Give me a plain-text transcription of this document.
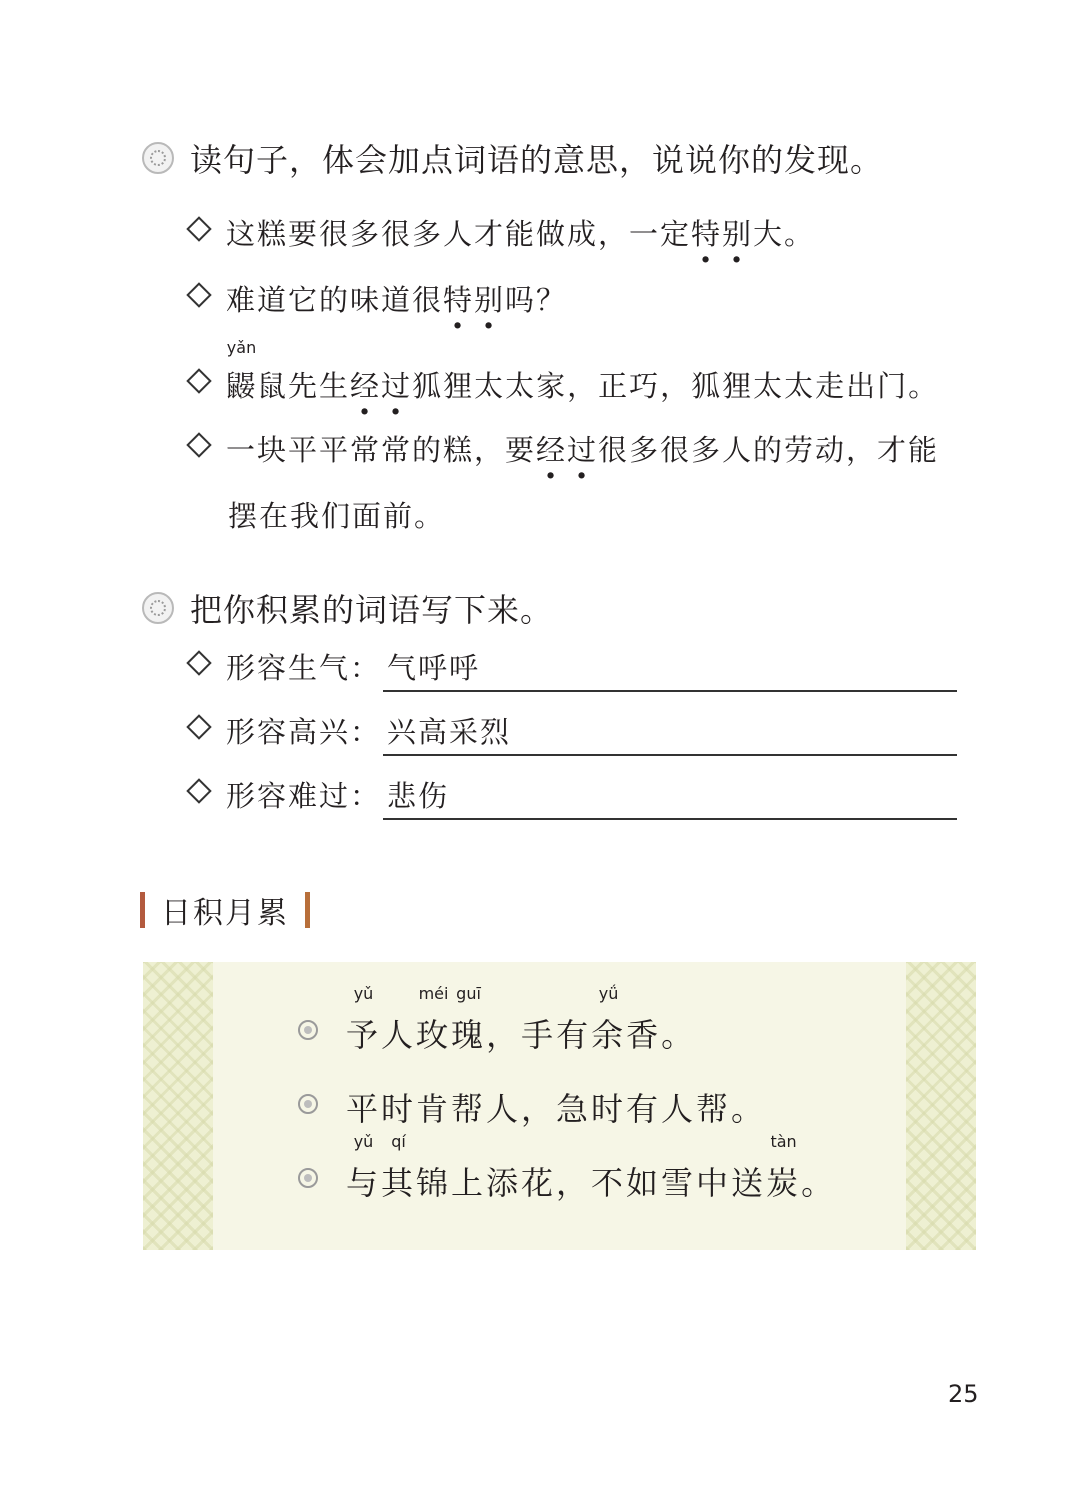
读句子，体会加点词语的意思，说说你的发现。
这糕要很多很多人才能做成，一定 特 · 别 · 大。
难道它的味道很 特 · 别 · 吗？
yǎn
鼹 鼠先生 经 · 过 · 狐狸太太家，正巧，狐狸太太走出门。
一块平平常常的糕，要 经 · 过 · 很多很多人的劳动，才能
摆在我们面前。
把你积累的词语写下来。
形容生气： 气呼呼
形容高兴： 兴高采烈
形容难过： 悲伤
日积月累
yǔ
予 人
méi
玫
guī
瑰 ，手有
yǘ
余 香。
平时肯帮人，急时有人帮。
yǔ
与
qí
其 锦上添花，不如雪中送
tàn
炭 。
25
